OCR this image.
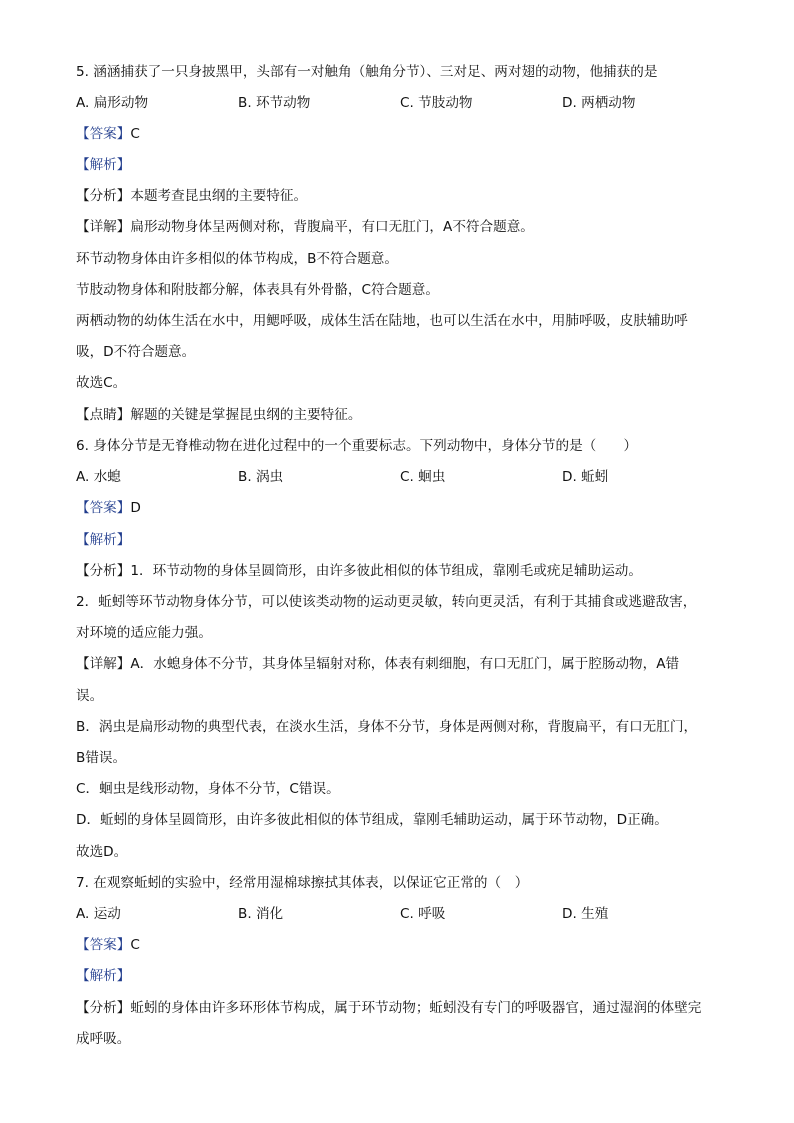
5. 涵涵捕获了一只身披黑甲，头部有一对触角（触角分节）、三对足、两对翅的动物，他捕获的是
A. 扁形动物	B. 环节动物	C. 节肢动物	D. 两栖动物
【答案】C
【解析】
【分析】本题考查昆虫纲的主要特征。
【详解】扁形动物身体呈两侧对称，背腹扁平，有口无肛门，A不符合题意。
环节动物身体由许多相似的体节构成，B不符合题意。
节肢动物身体和附肢都分解，体表具有外骨骼，C符合题意。
两栖动物的幼体生活在水中，用鳃呼吸，成体生活在陆地，也可以生活在水中，用肺呼吸，皮肤辅助呼
吸，D不符合题意。
故选C。
【点睛】解题的关键是掌握昆虫纲的主要特征。
6. 身体分节是无脊椎动物在进化过程中的一个重要标志。下列动物中，身体分节的是（　　）
A. 水螅	B. 涡虫	C. 蛔虫	D. 蚯蚓
【答案】D
【解析】
【分析】1．环节动物的身体呈圆筒形，由许多彼此相似的体节组成，靠刚毛或疣足辅助运动。
2．蚯蚓等环节动物身体分节，可以使该类动物的运动更灵敏，转向更灵活，有利于其捕食或逃避敌害，
对环境的适应能力强。
【详解】A．水螅身体不分节，其身体呈辐射对称，体表有刺细胞，有口无肛门，属于腔肠动物，A错
误。
B．涡虫是扁形动物的典型代表，在淡水生活，身体不分节，身体是两侧对称，背腹扁平，有口无肛门，
B错误。
C．蛔虫是线形动物，身体不分节，C错误。
D．蚯蚓的身体呈圆筒形，由许多彼此相似的体节组成，靠刚毛辅助运动，属于环节动物，D正确。
故选D。
7. 在观察蚯蚓的实验中，经常用湿棉球擦拭其体表，以保证它正常的（　）
A. 运动	B. 消化	C. 呼吸	D. 生殖
【答案】C
【解析】
【分析】蚯蚓的身体由许多环形体节构成，属于环节动物；蚯蚓没有专门的呼吸器官，通过湿润的体壁完
成呼吸。
